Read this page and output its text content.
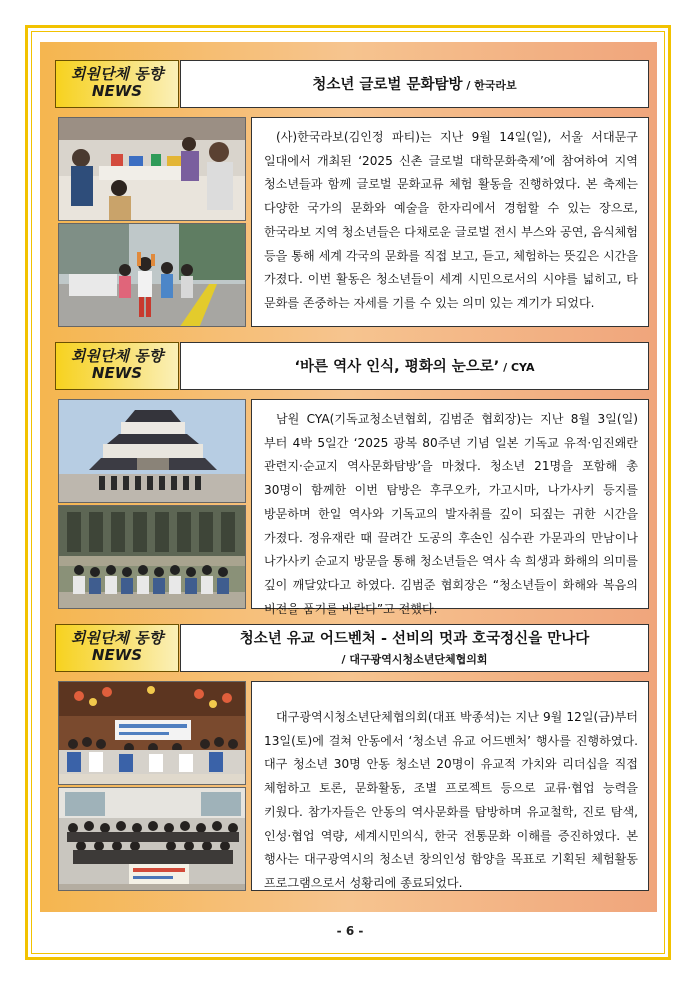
회원단체 동향
NEWS	청소년 글로벌 문화탐방 / 한국라보

(사)한국라보(김인정 파티)는 지난 9월 14일(일), 서울 서대문구 일대에서 개최된 ‘2025 신촌 글로벌 대학문화축제’에 참여하여 지역 청소년들과 함께 글로벌 문화교류 체험 활동을 진행하였다. 본 축제는 다양한 국가의 문화와 예술을 한자리에서 경험할 수 있는 장으로, 한국라보 지역 청소년들은 다채로운 글로벌 전시 부스와 공연, 음식체험 등을 통해 세계 각국의 문화를 직접 보고, 듣고, 체험하는 뜻깊은 시간을 가졌다. 이번 활동은 청소년들이 세계 시민으로서의 시야를 넓히고, 타 문화를 존중하는 자세를 기를 수 있는 의미 있는 계기가 되었다.

회원단체 동향
NEWS	‘바른 역사 인식, 평화의 눈으로’ / CYA

남원 CYA(기독교청소년협회, 김범준 협회장)는 지난 8월 3일(일)부터 4박 5일간 ‘2025 광복 80주년 기념 일본 기독교 유적·임진왜란 관련지·순교지 역사문화탐방’을 마쳤다. 청소년 21명을 포함해 총 30명이 함께한 이번 탐방은 후쿠오카, 가고시마, 나가사키 등지를 방문하며 한일 역사와 기독교의 발자취를 깊이 되짚는 귀한 시간을 가졌다. 정유재란 때 끌려간 도공의 후손인 심수관 가문과의 만남이나 나가사키 순교지 방문을 통해 청소년들은 역사 속 희생과 화해의 의미를 깊이 깨달았다고 하였다. 김범준 협회장은 “청소년들이 화해와 복음의 비전을 품기를 바란다”고 전했다.

회원단체 동향
NEWS
청소년 유교 어드벤처 - 선비의 멋과 호국정신을 만나다
/ 대구광역시청소년단체협의회

대구광역시청소년단체협의회(대표 박종석)는 지난 9월 12일(금)부터 13일(토)에 걸쳐 안동에서 ‘청소년 유교 어드벤처’ 행사를 진행하였다. 대구 청소년 30명 안동 청소년 20명이 유교적 가치와 리더십을 직접 체험하고 토론, 문화활동, 조별 프로젝트 등으로 교류·협업 능력을 키웠다. 참가자들은 안동의 역사문화를 탐방하며 유교철학, 진로 탐색, 인성·협업 역량, 세계시민의식, 한국 전통문화 이해를 증진하였다. 본 행사는 대구광역시의 청소년 창의인성 함양을 목표로 기획된 체험활동 프로그램으로서 성황리에 종료되었다.

- 6 -
